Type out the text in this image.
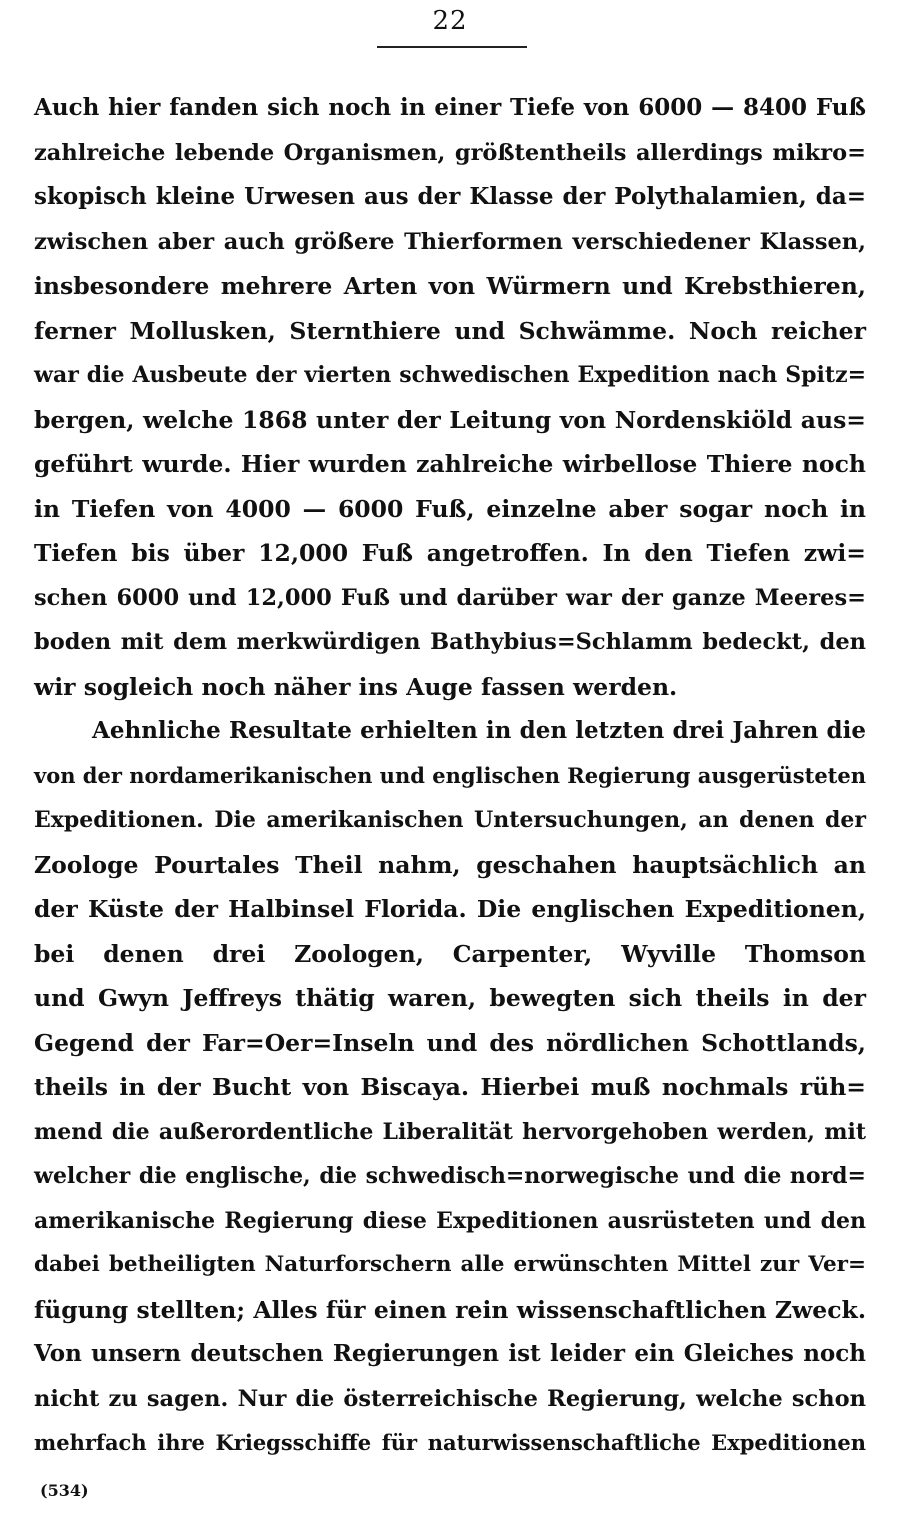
22
Auch hier fanden sich noch in einer Tiefe von 6000 — 8400 Fuß
zahlreiche lebende Organismen, größtentheils allerdings mikro=
skopisch kleine Urwesen aus der Klasse der Polythalamien, da=
zwischen aber auch größere Thierformen verschiedener Klassen,
insbesondere mehrere Arten von Würmern und Krebsthieren,
ferner Mollusken, Sternthiere und Schwämme. Noch reicher
war die Ausbeute der vierten schwedischen Expedition nach Spitz=
bergen, welche 1868 unter der Leitung von Nordenskiöld aus=
geführt wurde. Hier wurden zahlreiche wirbellose Thiere noch
in Tiefen von 4000 — 6000 Fuß, einzelne aber sogar noch in
Tiefen bis über 12,000 Fuß angetroffen. In den Tiefen zwi=
schen 6000 und 12,000 Fuß und darüber war der ganze Meeres=
boden mit dem merkwürdigen Bathybius=Schlamm bedeckt, den
wir sogleich noch näher ins Auge fassen werden.
Aehnliche Resultate erhielten in den letzten drei Jahren die
von der nordamerikanischen und englischen Regierung ausgerüsteten
Expeditionen. Die amerikanischen Untersuchungen, an denen der
Zoologe Pourtales Theil nahm, geschahen hauptsächlich an
der Küste der Halbinsel Florida. Die englischen Expeditionen,
bei denen drei Zoologen, Carpenter, Wyville Thomson
und Gwyn Jeffreys thätig waren, bewegten sich theils in der
Gegend der Far=Oer=Inseln und des nördlichen Schottlands,
theils in der Bucht von Biscaya. Hierbei muß nochmals rüh=
mend die außerordentliche Liberalität hervorgehoben werden, mit
welcher die englische, die schwedisch=norwegische und die nord=
amerikanische Regierung diese Expeditionen ausrüsteten und den
dabei betheiligten Naturforschern alle erwünschten Mittel zur Ver=
fügung stellten; Alles für einen rein wissenschaftlichen Zweck.
Von unsern deutschen Regierungen ist leider ein Gleiches noch
nicht zu sagen. Nur die österreichische Regierung, welche schon
mehrfach ihre Kriegsschiffe für naturwissenschaftliche Expeditionen
(534)
